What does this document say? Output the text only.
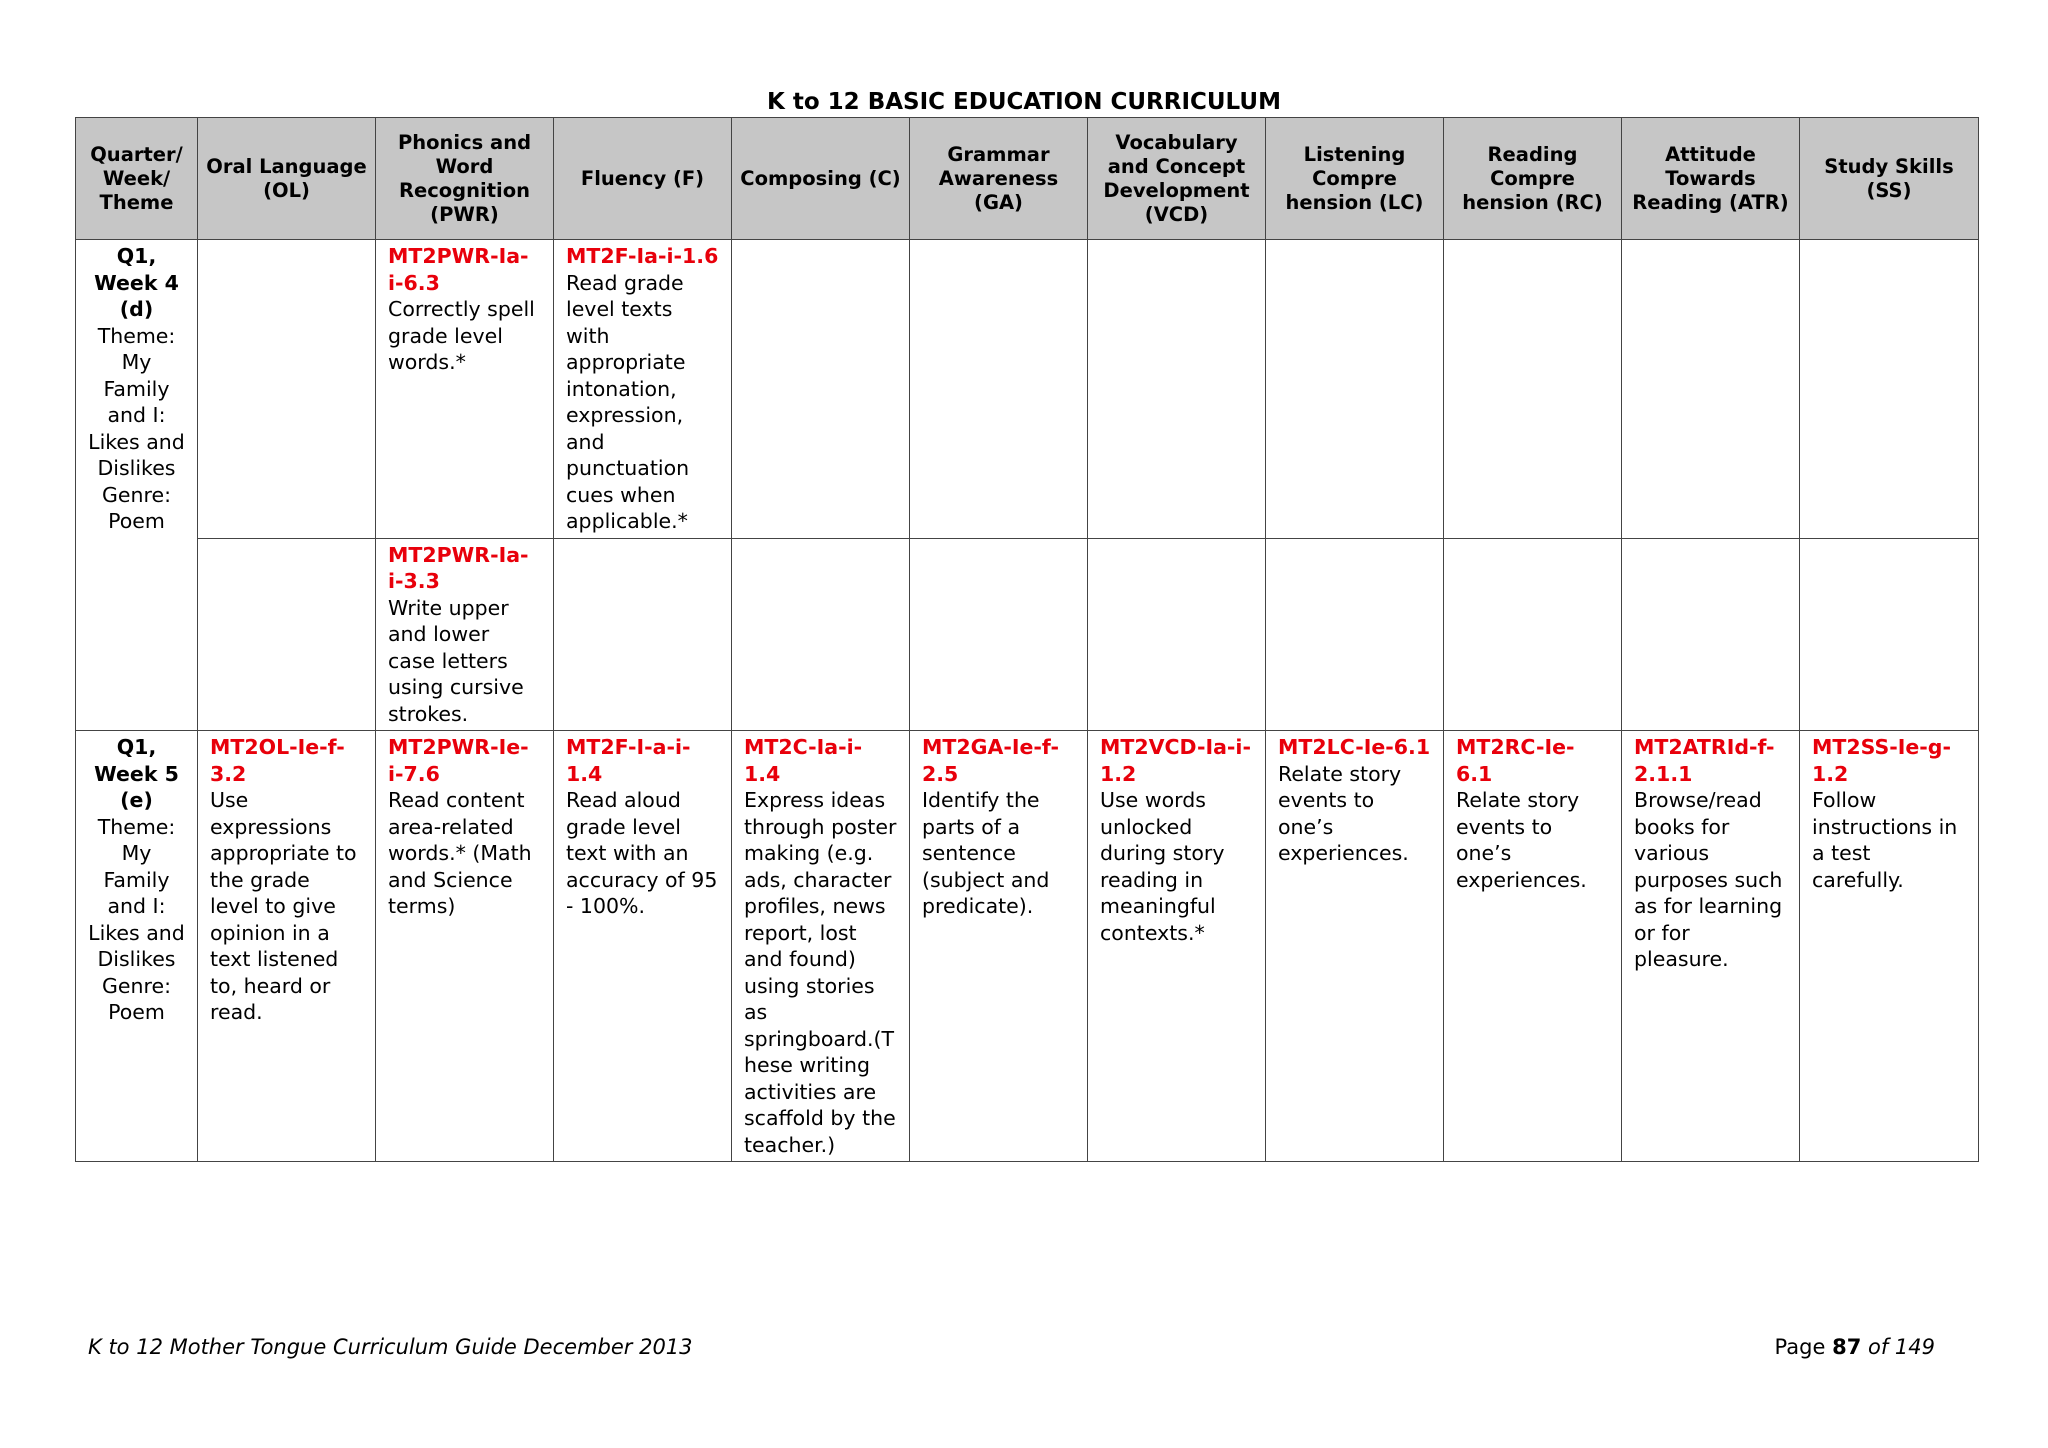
K to 12 BASIC EDUCATION CURRICULUM
Quarter/ Week/ Theme	Oral Language (OL)	Phonics and Word Recognition (PWR)	Fluency (F)	Composing (C)	Grammar Awareness (GA)	Vocabulary and Concept Development (VCD)	Listening Compre hension (LC)	Reading Compre hension (RC)	Attitude Towards Reading (ATR)	Study Skills (SS)

Q1,
Week 4
(d)
Theme: My Family and I: Likes and Dislikes Genre: Poem		MT2PWR-Ia-i-6.3
Correctly spell grade level words.*	MT2F-Ia-i-1.6
Read grade level texts with appropriate intonation, expression, and punctuation cues when applicable.*							

		MT2PWR-Ia-i-3.3
Write upper and lower case letters using cursive strokes.								

Q1,
Week 5
(e)
Theme: My Family and I: Likes and Dislikes Genre: Poem	MT2OL-Ie-f-3.2
Use expressions appropriate to the grade level to give opinion in a text listened to, heard or read.	MT2PWR-Ie-i-7.6
Read content area-related words.* (Math and Science terms)	MT2F-I-a-i-1.4
Read aloud grade level text with an accuracy of 95 - 100%.	MT2C-Ia-i-1.4
Express ideas through poster making (e.g. ads, character profiles, news report, lost and found) using stories as springboard.(T hese writing activities are scaffold by the teacher.)	MT2GA-Ie-f-2.5
Identify the parts of a sentence (subject and predicate).	MT2VCD-Ia-i-1.2
Use words unlocked during story reading in meaningful contexts.*	MT2LC-Ie-6.1
Relate story events to one’s experiences.	MT2RC-Ie-6.1
Relate story events to one’s experiences.	MT2ATRId-f-2.1.1
Browse/read books for various purposes such as for learning or for pleasure.	MT2SS-Ie-g-1.2
Follow instructions in a test carefully.
K to 12 Mother Tongue Curriculum Guide December 2013	Page 87 of 149
